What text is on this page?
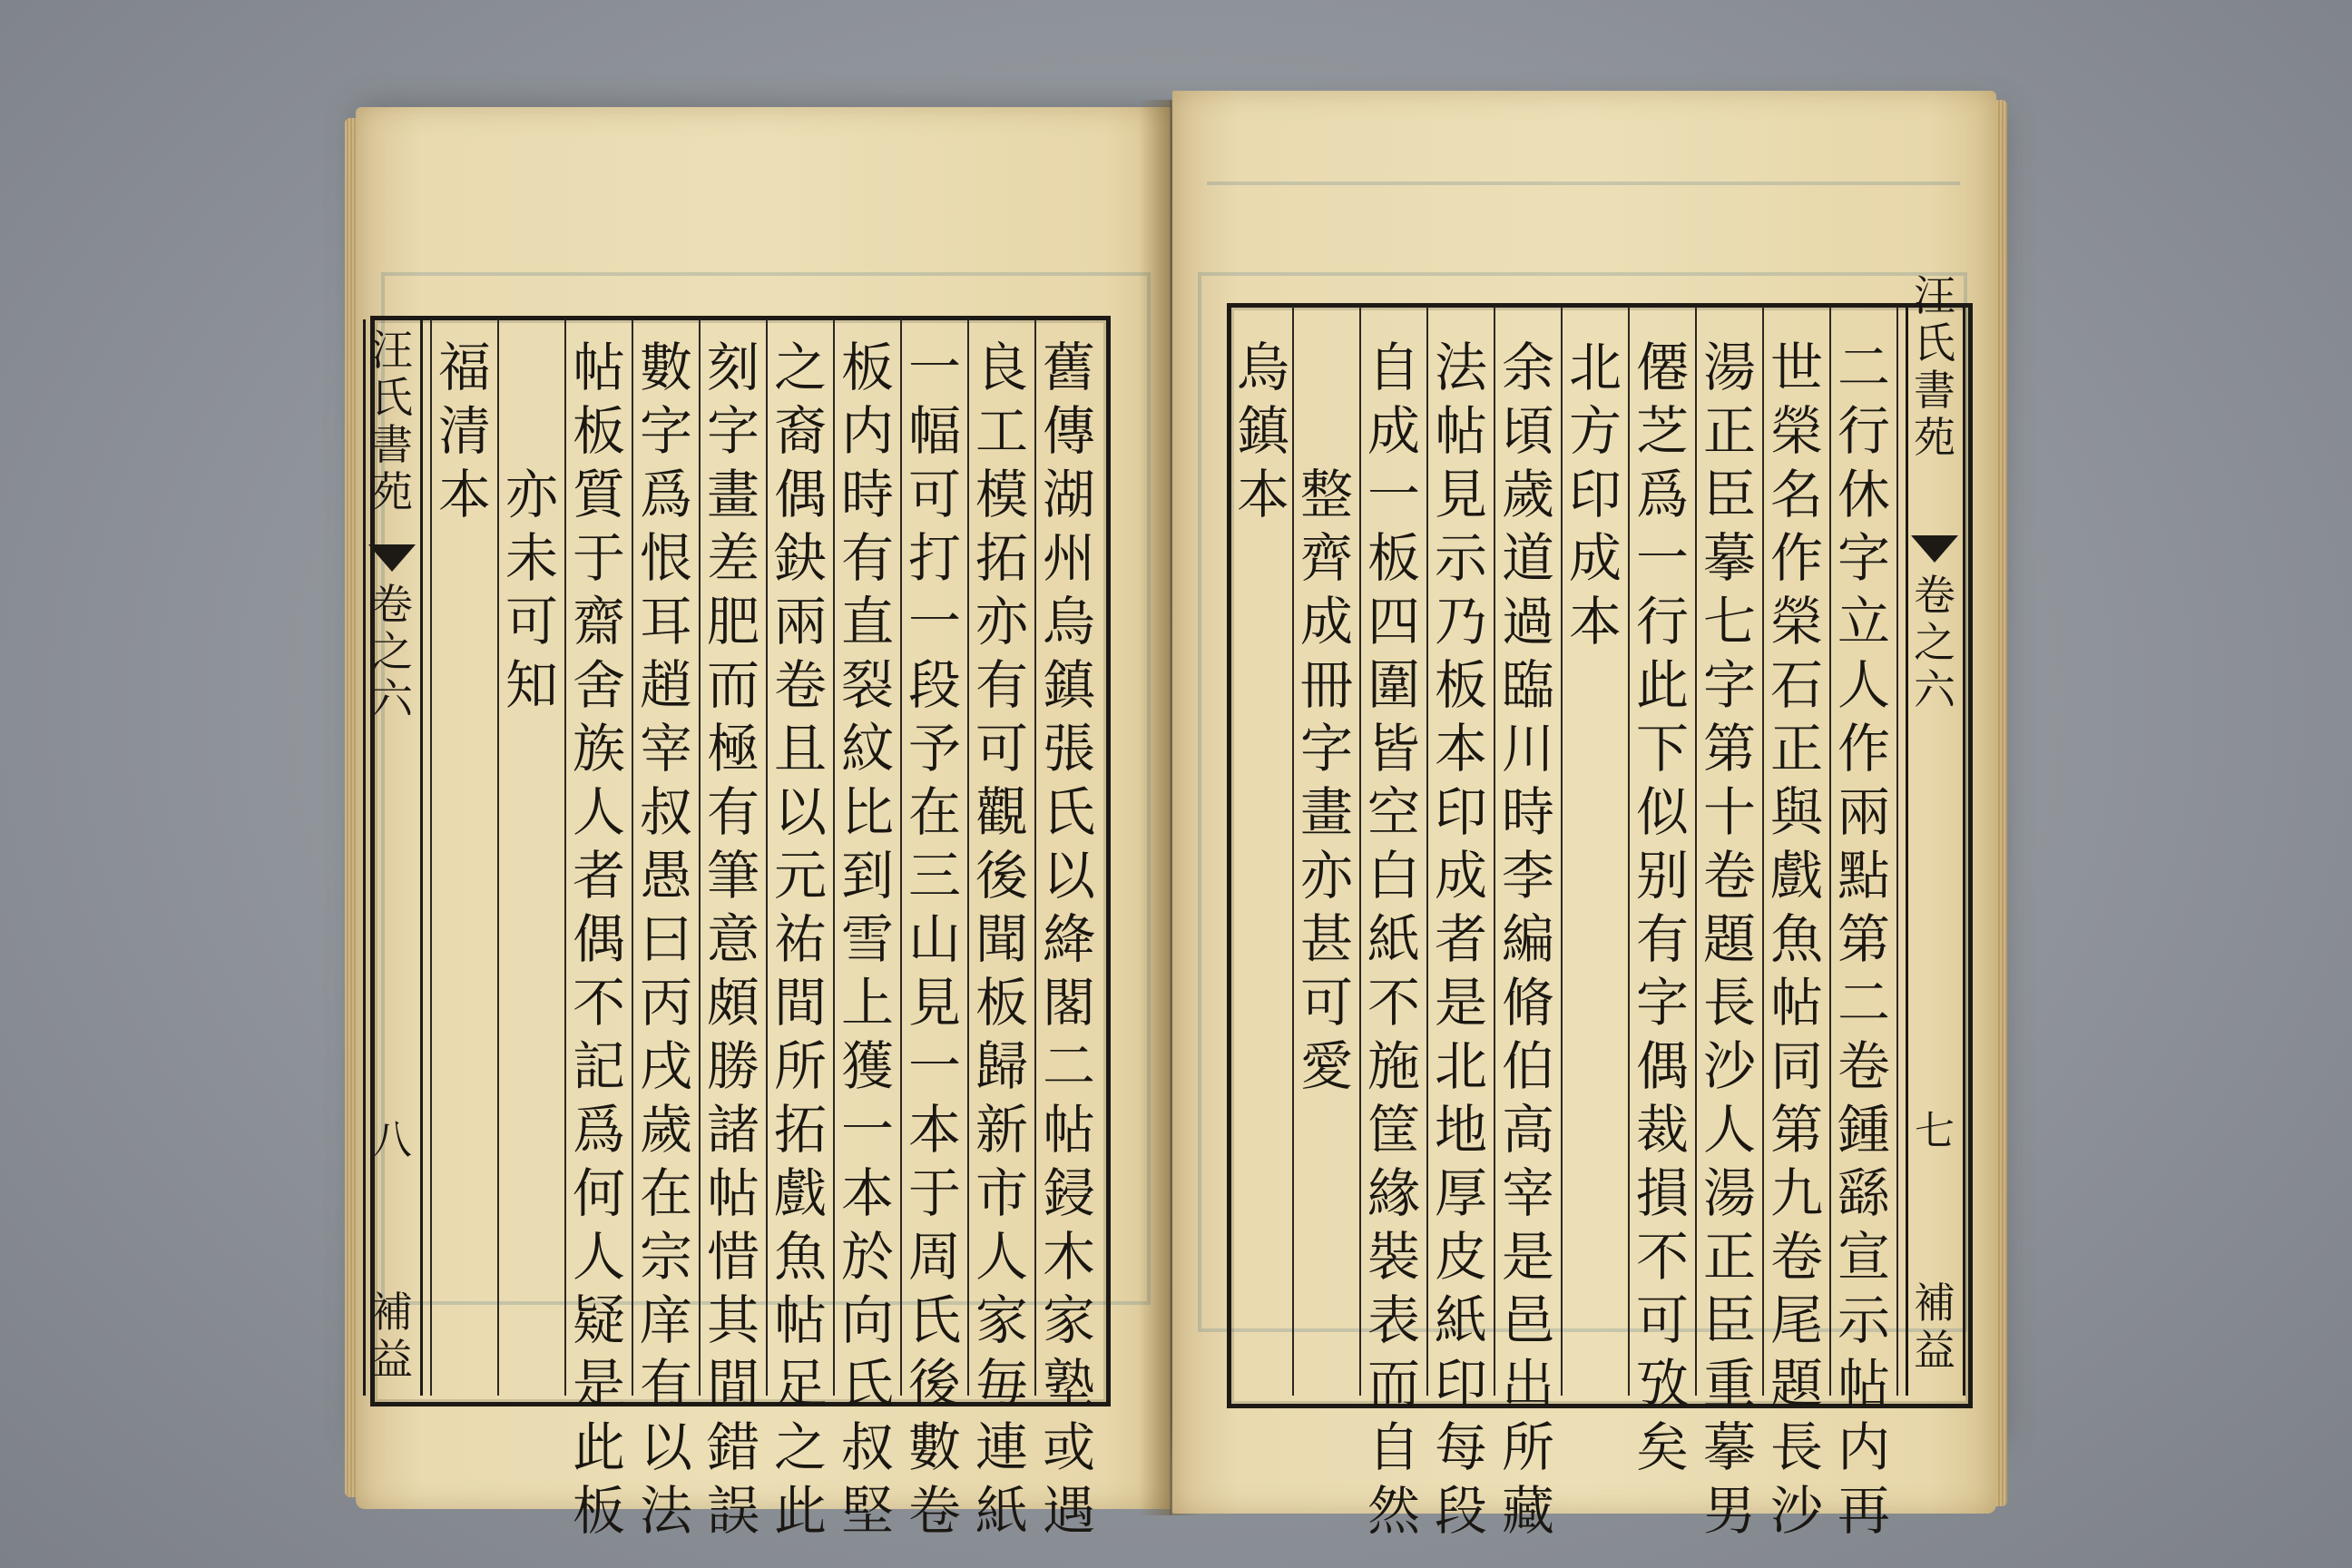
汪氏書苑
卷之六
八
補益
舊傳湖州烏鎮張氏以絳閣二帖鋟木家塾或遇
良工模拓亦有可觀後聞板歸新市人家毎連紙
一幅可打一段予在三山見一本于周氏後數卷
板内時有直裂紋比到雪上獲一本於向氏叔堅
之裔偶鈌兩卷且以元祐間所拓戲魚帖足之此
刻字畫差肥而極有筆意頗勝諸帖惜其間錯誤
數字爲恨耳趙宰叔愚曰丙戌歲在宗庠有以法
帖板質于齋舍族人者偶不記爲何人疑是此板
亦未可知
福清本
汪氏書苑
卷之六
七
補益
二行休字立人作兩點第二卷鍾繇宣示帖内再
世榮名作榮石正與戲魚帖同第九卷尾題長沙
湯正臣摹七字第十卷題長沙人湯正臣重摹男
僊芝爲一行此下似别有字偶裁損不可攷矣
北方印成本
余頃歲道過臨川時李編脩伯高宰是邑出所藏
法帖見示乃板本印成者是北地厚皮紙印每段
自成一板四圍皆空白紙不施筐緣裝表而自然
整齊成冊字畫亦甚可愛
烏鎮本
